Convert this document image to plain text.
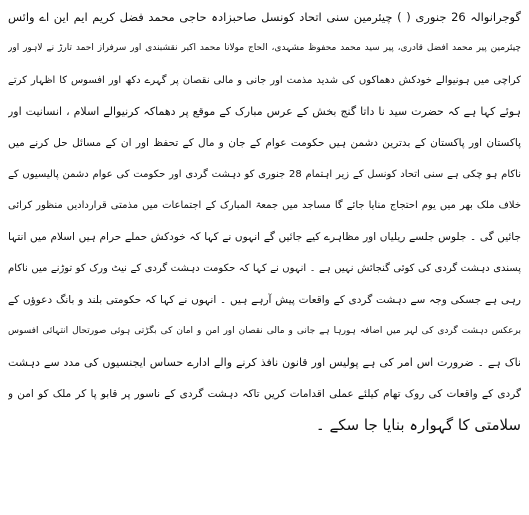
گوجرانوالہ 26 جنوری ( ) چیئرمین سنی اتحاد کونسل صاحبزادہ حاجی محمد فضل کریم ایم این اے وائس
چیئرمین پیر محمد افضل قادری، پیر سید محمد محفوظ مشہدی، الحاج مولانا محمد اکبر نقشبندی اور سرفراز احمد تارڑ نے لاہور اور
کراچی میں ہونیوالے خودکش دھماکوں کی شدید مذمت اور جانی و مالی نقصان پر گہرے دکھ اور افسوس کا اظہار کرتے
ہوئے کہا ہے کہ حضرت سید نا داتا گنج بخش کے عرس مبارک کے موقع پر دھماکہ کرنیوالے اسلام ، انسانیت اور
پاکستان اور پاکستان کے بدترین دشمن ہیں حکومت عوام کے جان و مال کے تحفظ اور ان کے مسائل حل کرنے میں
ناکام ہو چکی ہے سنی اتحاد کونسل کے زیر اہتمام 28 جنوری کو دہشت گردی اور حکومت کی عوام دشمن پالیسیوں کے
خلاف ملک بھر میں یوم احتجاج منایا جائے گا مساجد میں جمعۃ المبارک کے اجتماعات میں مذمتی قراردادیں منظور کرائی
جائیں گی ۔ جلوس جلسے ریلیاں اور مظاہرے کیے جائیں گے انہوں نے کہا کہ خودکش حملے حرام ہیں اسلام میں انتہا
پسندی دہشت گردی کی کوئی گنجائش نہیں ہے ۔ انہوں نے کہا کہ حکومت دہشت گردی کے نیٹ ورک کو توڑنے میں ناکام
رہی ہے جسکی وجہ سے دہشت گردی کے واقعات پیش آرہے ہیں ۔ انہوں نے کہا کہ حکومتی بلند و بانگ دعوؤں کے
برعکس دہشت گردی کی لہر میں اضافہ ہورہا ہے جانی و مالی نقصان اور امن و امان کی بگڑتی ہوئی صورتحال انتہائی افسوس
ناک ہے ۔ ضرورت اس امر کی ہے پولیس اور قانون نافذ کرنے والے ادارے حساس ایجنسیوں کی مدد سے دہشت
گردی کے واقعات کی روک تھام کیلئے عملی اقدامات کریں تاکہ دہشت گردی کے ناسور پر قابو پا کر ملک کو امن و
سلامتی کا گہوارہ بنایا جا سکے ۔
